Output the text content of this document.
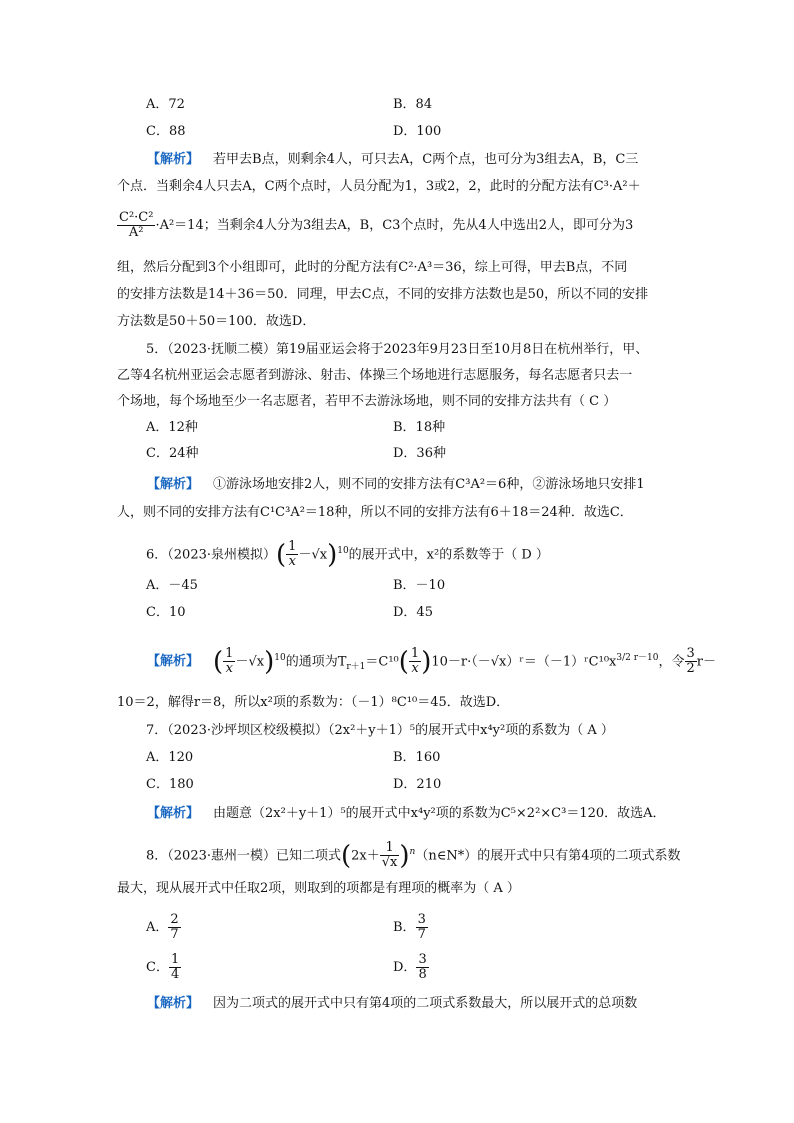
A．72	B．84
C．88	D．100
【解析】 若甲去B点，则剩余4人，可只去A，C两个点，也可分为3组去A，B，C三
个点．当剩余4人只去A，C两个点时，人员分配为1，3或2，2，此时的分配方法有C³·A²＋
$\frac{\text{C²·C²}}{\text{A²}} \cdot A^2=14$；当剩余4人分为3组去A，B，C3个点时，先从4人中选出2人，即可分为3
组，然后分配到3个小组即可，此时的分配方法有C²·A³＝36，综上可得，甲去B点，不同
的安排方法数是14＋36＝50．同理，甲去C点，不同的安排方法数也是50，所以不同的安排
方法数是50＋50＝100．故选D．
5．（2023·抚顺二模）第19届亚运会将于2023年9月23日至10月8日在杭州举行，甲、
乙等4名杭州亚运会志愿者到游泳、射击、体操三个场地进行志愿服务，每名志愿者只去一
个场地，每个场地至少一名志愿者，若甲不去游泳场地，则不同的安排方法共有（ C ）
A．12种	B．18种
C．24种	D．36种
【解析】 ①游泳场地安排2人，则不同的安排方法有C³A²＝6种，②游泳场地只安排1
人，则不同的安排方法有C¹C³A²＝18种，所以不同的安排方法有6＋18＝24种．故选C．
6．（2023·泉州模拟）( $\frac{1}{x} -√x)^{10}$的展开式中，x²的系数等于（ D ）
A．－45	B．－10
C．10	D．45
【解析】 ( $\frac{1}{x} -√x)^{10}$的通项为$T_{r+1}=C^{10}( \frac{1}{x}$ )$10-r\cdot(-√x)ʳ=(-1)ʳC^{10}x^{3/2 r-10}$，令 $\frac{3}{2} r-$
10＝2，解得r＝8，所以x²项的系数为：（－1）⁸C¹⁰＝45．故选D．
7．（2023·沙坪坝区校级模拟）（2x²＋y＋1）⁵的展开式中x⁴y²项的系数为（ A ）
A．120	B．160
C．180	D．210
【解析】 由题意（2x²＋y＋1）⁵的展开式中x⁴y²项的系数为C⁵×2²×C³＝120．故选A．
8．（2023·惠州一模）已知二项式($2x+ \frac{1}{√x}$ )$^n(n\in N*)$的展开式中只有第4项的二项式系数
最大，现从展开式中任取2项，则取到的项都是有理项的概率为（ A ）
A． $\frac{2}{7}$	B． $\frac{3}{7}$
C． $\frac{1}{4}$	D． $\frac{3}{8}$
【解析】 因为二项式的展开式中只有第4项的二项式系数最大，所以展开式的总项数
